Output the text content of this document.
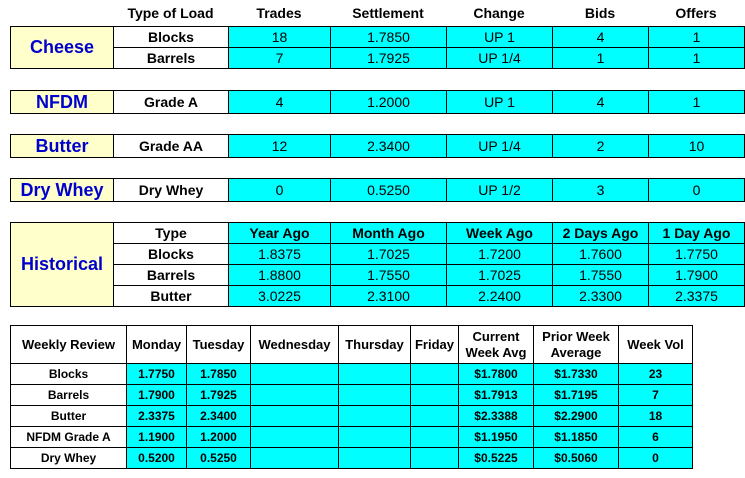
	Type of Load	Trades	Settlement	Change	Bids	Offers
Cheese	Blocks	18	1.7850	UP 1	4	1
	Barrels	7	1.7925	UP 1/4	1	1
NFDM	Grade A	4	1.2000	UP 1	4	1
Butter	Grade AA	12	2.3400	UP 1/4	2	10
Dry Whey	Dry Whey	0	0.5250	UP 1/2	3	0
Historical	Type	Year Ago	Month Ago	Week Ago	2 Days Ago	1 Day Ago
	Blocks	1.8375	1.7025	1.7200	1.7600	1.7750
	Barrels	1.8800	1.7550	1.7025	1.7550	1.7900
	Butter	3.0225	2.3100	2.2400	2.3300	2.3375
Weekly Review	Monday	Tuesday	Wednesday	Thursday	Friday	Current Week Avg	Prior Week Average	Week Vol
Blocks	1.7750	1.7850				$1.7800	$1.7330	23
Barrels	1.7900	1.7925				$1.7913	$1.7195	7
Butter	2.3375	2.3400				$2.3388	$2.2900	18
NFDM Grade A	1.1900	1.2000				$1.1950	$1.1850	6
Dry Whey	0.5200	0.5250				$0.5225	$0.5060	0
